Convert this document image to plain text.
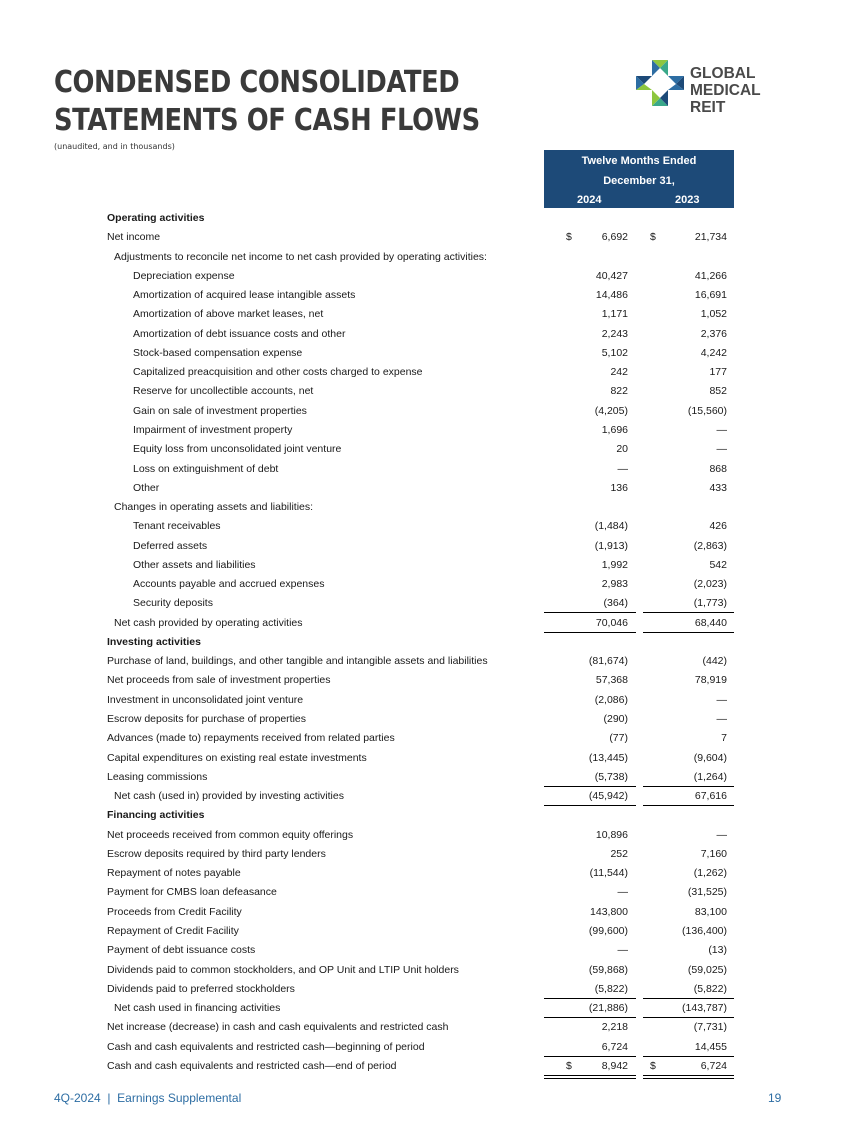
CONDENSED CONSOLIDATED
STATEMENTS OF CASH FLOWS
(unaudited, and in thousands)
GLOBAL
MEDICAL REIT
Twelve Months Ended
December 31,
2024	2023
Operating activities
Net income	6,692	21,734
$	$
Adjustments to reconcile net income to net cash provided by operating activities:
Depreciation expense	40,427	41,266
Amortization of acquired lease intangible assets	14,486	16,691
Amortization of above market leases, net	1,171	1,052
Amortization of debt issuance costs and other	2,243	2,376
Stock-based compensation expense	5,102	4,242
Capitalized preacquisition and other costs charged to expense	242	177
Reserve for uncollectible accounts, net	822	852
Gain on sale of investment properties	(4,205)	(15,560)
Impairment of investment property	1,696	—
Equity loss from unconsolidated joint venture	20	—
Loss on extinguishment of debt	—	868
Other	136	433
Changes in operating assets and liabilities:
Tenant receivables	(1,484)	426
Deferred assets	(1,913)	(2,863)
Other assets and liabilities	1,992	542
Accounts payable and accrued expenses	2,983	(2,023)
Security deposits	(364)	(1,773)
Net cash provided by operating activities	70,046	68,440
Investing activities
Purchase of land, buildings, and other tangible and intangible assets and liabilities	(81,674)	(442)
Net proceeds from sale of investment properties	57,368	78,919
Investment in unconsolidated joint venture	(2,086)	—
Escrow deposits for purchase of properties	(290)	—
Advances (made to) repayments received from related parties	(77)	7
Capital expenditures on existing real estate investments	(13,445)	(9,604)
Leasing commissions	(5,738)	(1,264)
Net cash (used in) provided by investing activities	(45,942)	67,616
Financing activities
Net proceeds received from common equity offerings	10,896	—
Escrow deposits required by third party lenders	252	7,160
Repayment of notes payable	(11,544)	(1,262)
Payment for CMBS loan defeasance	—	(31,525)
Proceeds from Credit Facility	143,800	83,100
Repayment of Credit Facility	(99,600)	(136,400)
Payment of debt issuance costs	—	(13)
Dividends paid to common stockholders, and OP Unit and LTIP Unit holders	(59,868)	(59,025)
Dividends paid to preferred stockholders	(5,822)	(5,822)
Net cash used in financing activities	(21,886)	(143,787)
Net increase (decrease) in cash and cash equivalents and restricted cash	2,218	(7,731)
Cash and cash equivalents and restricted cash—beginning of period	6,724	14,455
Cash and cash equivalents and restricted cash—end of period	8,942	6,724
$	$
4Q-2024  |  Earnings Supplemental	19
